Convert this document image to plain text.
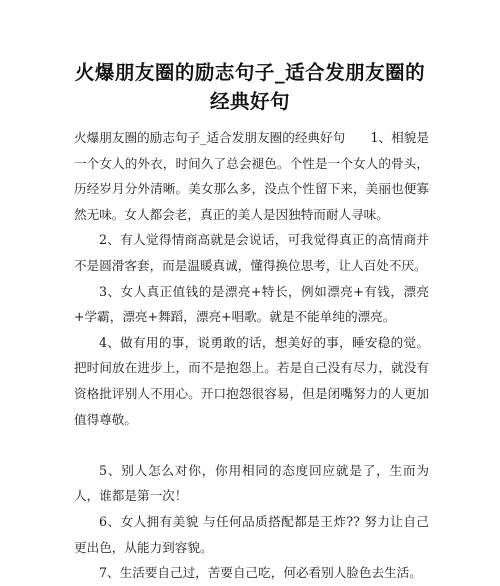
火爆朋友圈的励志句子_适合发朋友圈的经典好句

火爆朋友圈的励志句子_适合发朋友圈的经典好句　　1、相貌是一个女人的外衣，时间久了总会褪色。个性是一个女人的骨头，历经岁月分外清晰。美女那么多，没点个性留下来，美丽也便寡然无味。女人都会老，真正的美人是因独特而耐人寻味。

2、有人觉得情商高就是会说话，可我觉得真正的高情商并不是圆滑客套，而是温暖真诚，懂得换位思考，让人百处不厌。

3、女人真正值钱的是漂亮+特长，例如漂亮+有钱，漂亮+学霸，漂亮+舞蹈，漂亮+唱歌。就是不能单纯的漂亮。

4、做有用的事，说勇敢的话，想美好的事，睡安稳的觉。把时间放在进步上，而不是抱怨上。若是自己没有尽力，就没有资格批评别人不用心。开口抱怨很容易，但是闭嘴努力的人更加值得尊敬。

5、别人怎么对你，你用相同的态度回应就是了，生而为人，谁都是第一次！

6、女人拥有美貌 与任何品质搭配都是王炸?? 努力让自己更出色，从能力到容貌。

7、生活要自己过，苦要自己吃，何必看别人脸色去生活。
